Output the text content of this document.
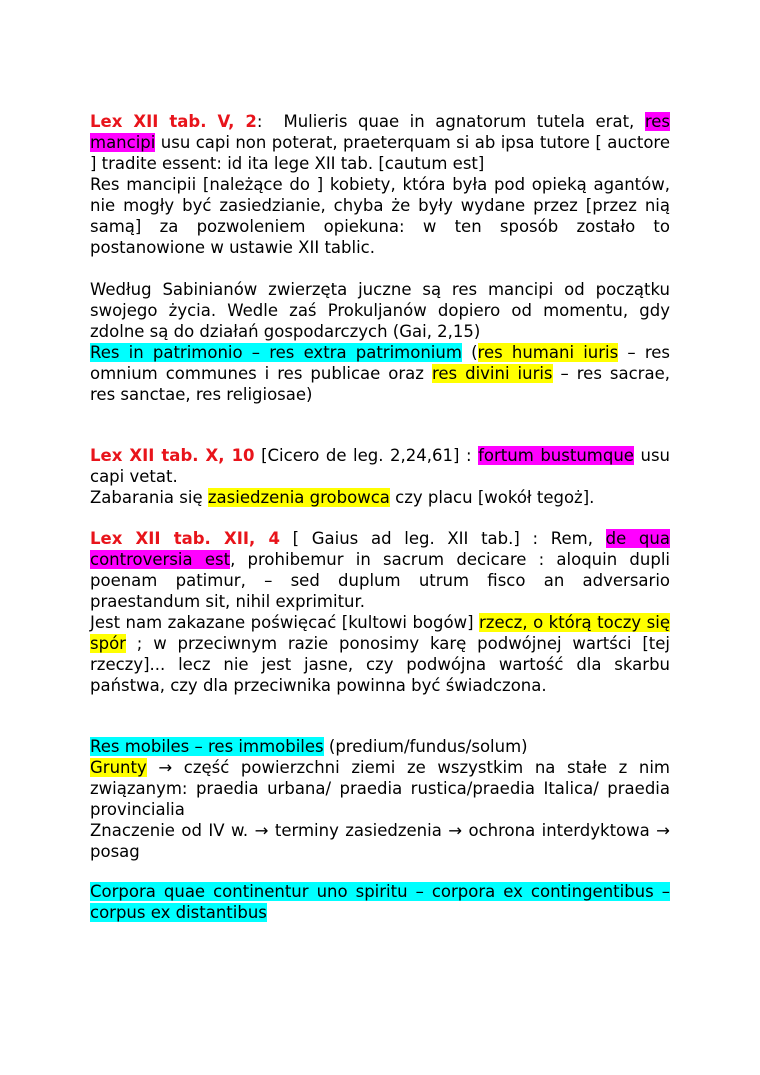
Lex XII tab. V, 2:  Mulieris quae in agnatorum tutela erat, res mancipi usu capi non poterat, praeterquam si ab ipsa tutore [ auctore ] tradite essent: id ita lege XII tab. [cautum est]
Res mancipii [należące do ] kobiety, która była pod opieką agantów, nie mogły być zasiedzianie, chyba że były wydane przez [przez nią samą] za pozwoleniem opiekuna: w ten sposób zostało to postanowione w ustawie XII tablic.

Według Sabinianów zwierzęta juczne są res mancipi od początku swojego życia. Wedle zaś Prokuljanów dopiero od momentu, gdy zdolne są do działań gospodarczych (Gai, 2,15)
Res in patrimonio – res extra patrimonium (res humani iuris – res omnium communes i res publicae oraz res divini iuris – res sacrae, res sanctae, res religiosae)

Lex XII tab. X, 10 [Cicero de leg. 2,24,61] : fortum bustumque usu capi vetat.
Zabarania się zasiedzenia grobowca czy placu [wokół tegoż].

Lex XII tab. XII, 4 [ Gaius ad leg. XII tab.] : Rem, de qua controversia est, prohibemur in sacrum decicare : aloquin dupli poenam patimur, – sed duplum utrum fisco an adversario praestandum sit, nihil exprimitur.
Jest nam zakazane poświęcać [kultowi bogów] rzecz, o którą toczy się spór ; w przeciwnym razie ponosimy karę podwójnej wartści [tej rzeczy]... lecz nie jest jasne, czy podwójna wartość dla skarbu państwa, czy dla przeciwnika powinna być świadczona.

Res mobiles – res immobiles (predium/fundus/solum)
Grunty → część powierzchni ziemi ze wszystkim na stałe z nim związanym: praedia urbana/ praedia rustica/praedia Italica/ praedia provincialia
Znaczenie od IV w. → terminy zasiedzenia → ochrona interdyktowa → posag

Corpora quae continentur uno spiritu – corpora ex contingentibus – corpus ex distantibus
